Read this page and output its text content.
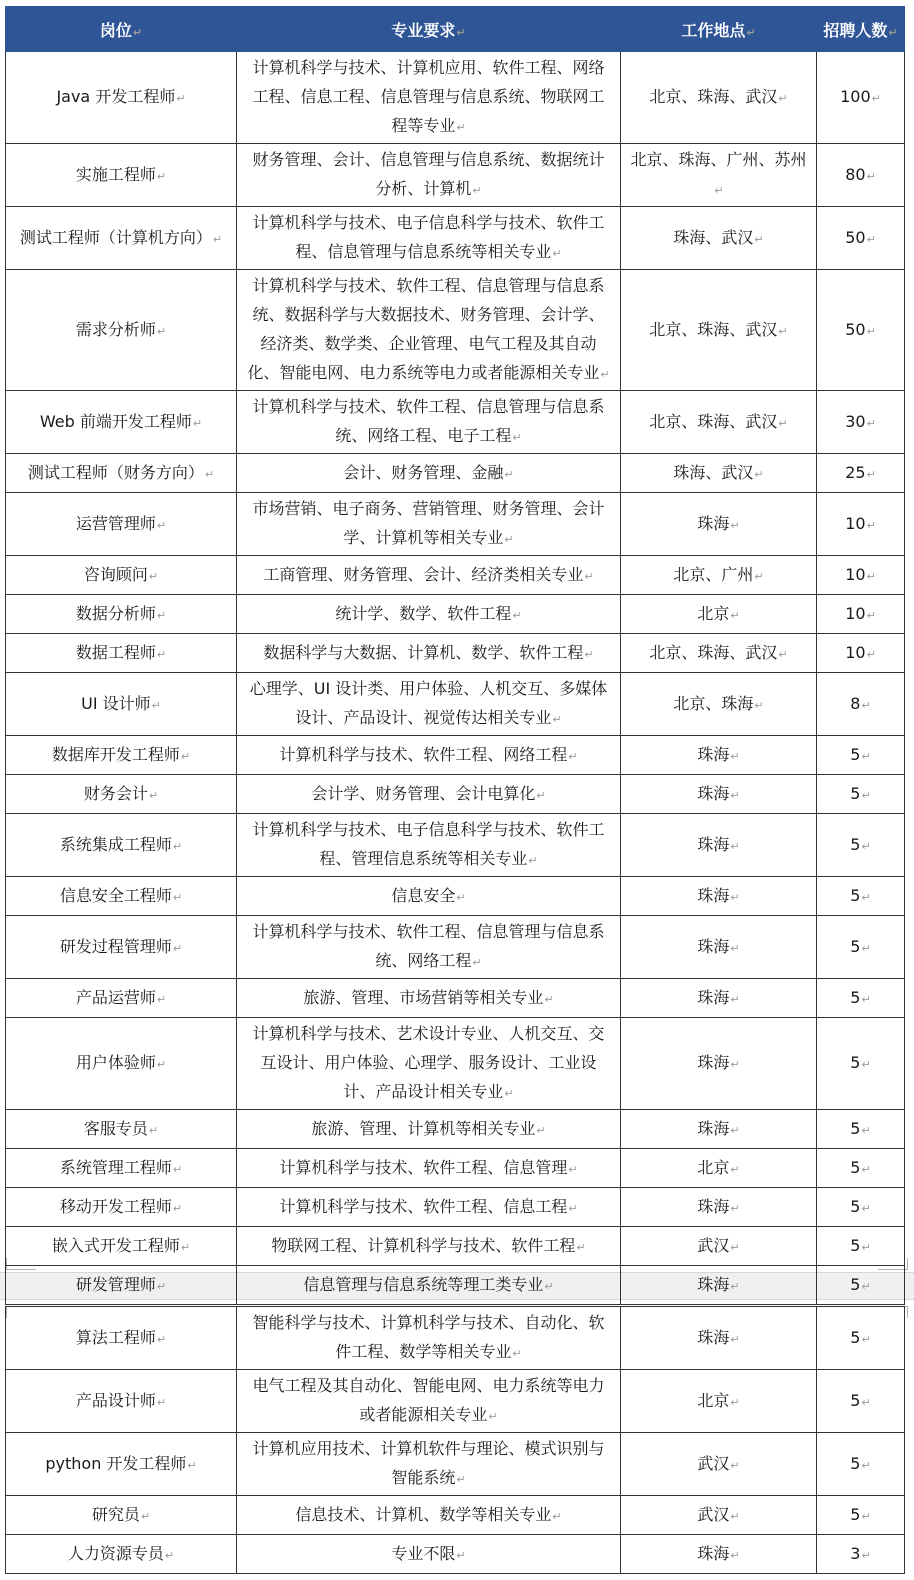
岗位↵	专业要求↵	工作地点↵	招聘人数↵
Java 开发工程师↵	计算机科学与技术、计算机应用、软件工程、网络工程、信息工程、信息管理与信息系统、物联网工程等专业↵	北京、珠海、武汉↵	100↵
实施工程师↵	财务管理、会计、信息管理与信息系统、数据统计分析、计算机↵	北京、珠海、广州、苏州↵	80↵
测试工程师（计算机方向）↵	计算机科学与技术、电子信息科学与技术、软件工程、信息管理与信息系统等相关专业↵	珠海、武汉↵	50↵
需求分析师↵	计算机科学与技术、软件工程、信息管理与信息系统、数据科学与大数据技术、财务管理、会计学、经济类、数学类、企业管理、电气工程及其自动化、智能电网、电力系统等电力或者能源相关专业↵	北京、珠海、武汉↵	50↵
Web 前端开发工程师↵	计算机科学与技术、软件工程、信息管理与信息系统、网络工程、电子工程↵	北京、珠海、武汉↵	30↵
测试工程师（财务方向）↵	会计、财务管理、金融↵	珠海、武汉↵	25↵
运营管理师↵	市场营销、电子商务、营销管理、财务管理、会计学、计算机等相关专业↵	珠海↵	10↵
咨询顾问↵	工商管理、财务管理、会计、经济类相关专业↵	北京、广州↵	10↵
数据分析师↵	统计学、数学、软件工程↵	北京↵	10↵
数据工程师↵	数据科学与大数据、计算机、数学、软件工程↵	北京、珠海、武汉↵	10↵
UI 设计师↵	心理学、UI 设计类、用户体验、人机交互、多媒体设计、产品设计、视觉传达相关专业↵	北京、珠海↵	8↵
数据库开发工程师↵	计算机科学与技术、软件工程、网络工程↵	珠海↵	5↵
财务会计↵	会计学、财务管理、会计电算化↵	珠海↵	5↵
系统集成工程师↵	计算机科学与技术、电子信息科学与技术、软件工程、管理信息系统等相关专业↵	珠海↵	5↵
信息安全工程师↵	信息安全↵	珠海↵	5↵
研发过程管理师↵	计算机科学与技术、软件工程、信息管理与信息系统、网络工程↵	珠海↵	5↵
产品运营师↵	旅游、管理、市场营销等相关专业↵	珠海↵	5↵
用户体验师↵	计算机科学与技术、艺术设计专业、人机交互、交互设计、用户体验、心理学、服务设计、工业设计、产品设计相关专业↵	珠海↵	5↵
客服专员↵	旅游、管理、计算机等相关专业↵	珠海↵	5↵
系统管理工程师↵	计算机科学与技术、软件工程、信息管理↵	北京↵	5↵
移动开发工程师↵	计算机科学与技术、软件工程、信息工程↵	珠海↵	5↵
嵌入式开发工程师↵	物联网工程、计算机科学与技术、软件工程↵	武汉↵	5↵
研发管理师↵	信息管理与信息系统等理工类专业↵	珠海↵	5↵
算法工程师↵	智能科学与技术、计算机科学与技术、自动化、软件工程、数学等相关专业↵	珠海↵	5↵
产品设计师↵	电气工程及其自动化、智能电网、电力系统等电力或者能源相关专业↵	北京↵	5↵
python 开发工程师↵	计算机应用技术、计算机软件与理论、模式识别与智能系统↵	武汉↵	5↵
研究员↵	信息技术、计算机、数学等相关专业↵	武汉↵	5↵
人力资源专员↵	专业不限↵	珠海↵	3↵
